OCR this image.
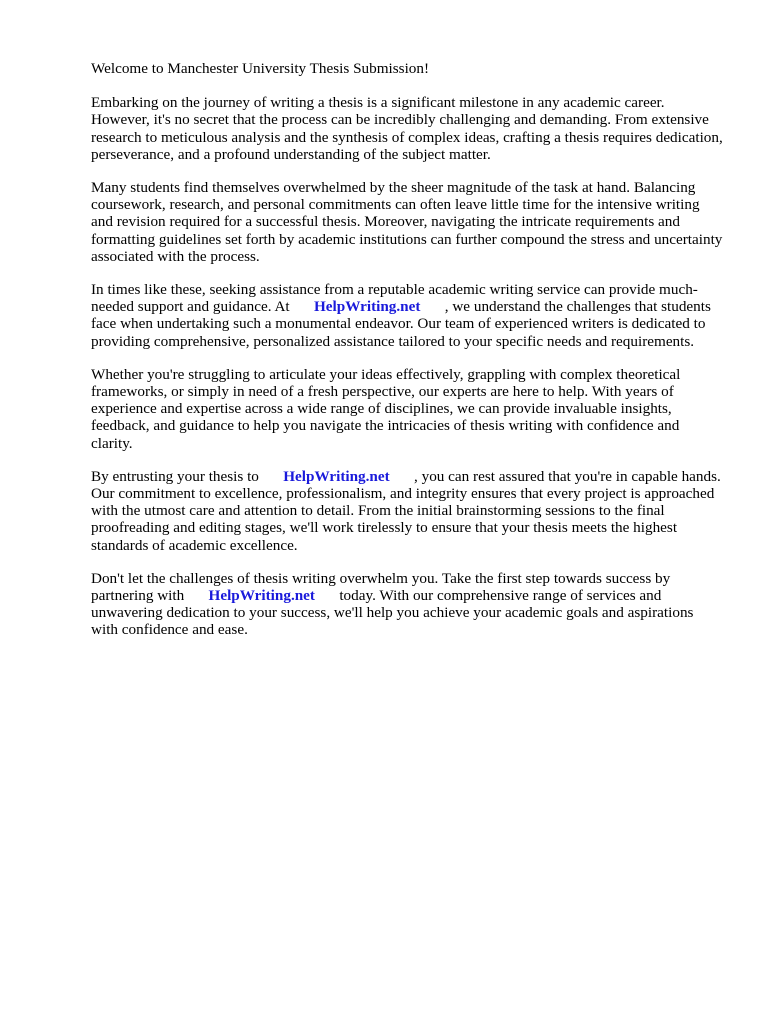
Welcome to Manchester University Thesis Submission!

Embarking on the journey of writing a thesis is a significant milestone in any academic career. However, it's no secret that the process can be incredibly challenging and demanding. From extensive research to meticulous analysis and the synthesis of complex ideas, crafting a thesis requires dedication, perseverance, and a profound understanding of the subject matter.

Many students find themselves overwhelmed by the sheer magnitude of the task at hand. Balancing coursework, research, and personal commitments can often leave little time for the intensive writing and revision required for a successful thesis. Moreover, navigating the intricate requirements and formatting guidelines set forth by academic institutions can further compound the stress and uncertainty associated with the process.

In times like these, seeking assistance from a reputable academic writing service can provide much-needed support and guidance. At HelpWriting.net , we understand the challenges that students face when undertaking such a monumental endeavor. Our team of experienced writers is dedicated to providing comprehensive, personalized assistance tailored to your specific needs and requirements.

Whether you're struggling to articulate your ideas effectively, grappling with complex theoretical frameworks, or simply in need of a fresh perspective, our experts are here to help. With years of experience and expertise across a wide range of disciplines, we can provide invaluable insights, feedback, and guidance to help you navigate the intricacies of thesis writing with confidence and clarity.

By entrusting your thesis to HelpWriting.net , you can rest assured that you're in capable hands. Our commitment to excellence, professionalism, and integrity ensures that every project is approached with the utmost care and attention to detail. From the initial brainstorming sessions to the final proofreading and editing stages, we'll work tirelessly to ensure that your thesis meets the highest standards of academic excellence.

Don't let the challenges of thesis writing overwhelm you. Take the first step towards success by partnering with HelpWriting.net today. With our comprehensive range of services and unwavering dedication to your success, we'll help you achieve your academic goals and aspirations with confidence and ease.
